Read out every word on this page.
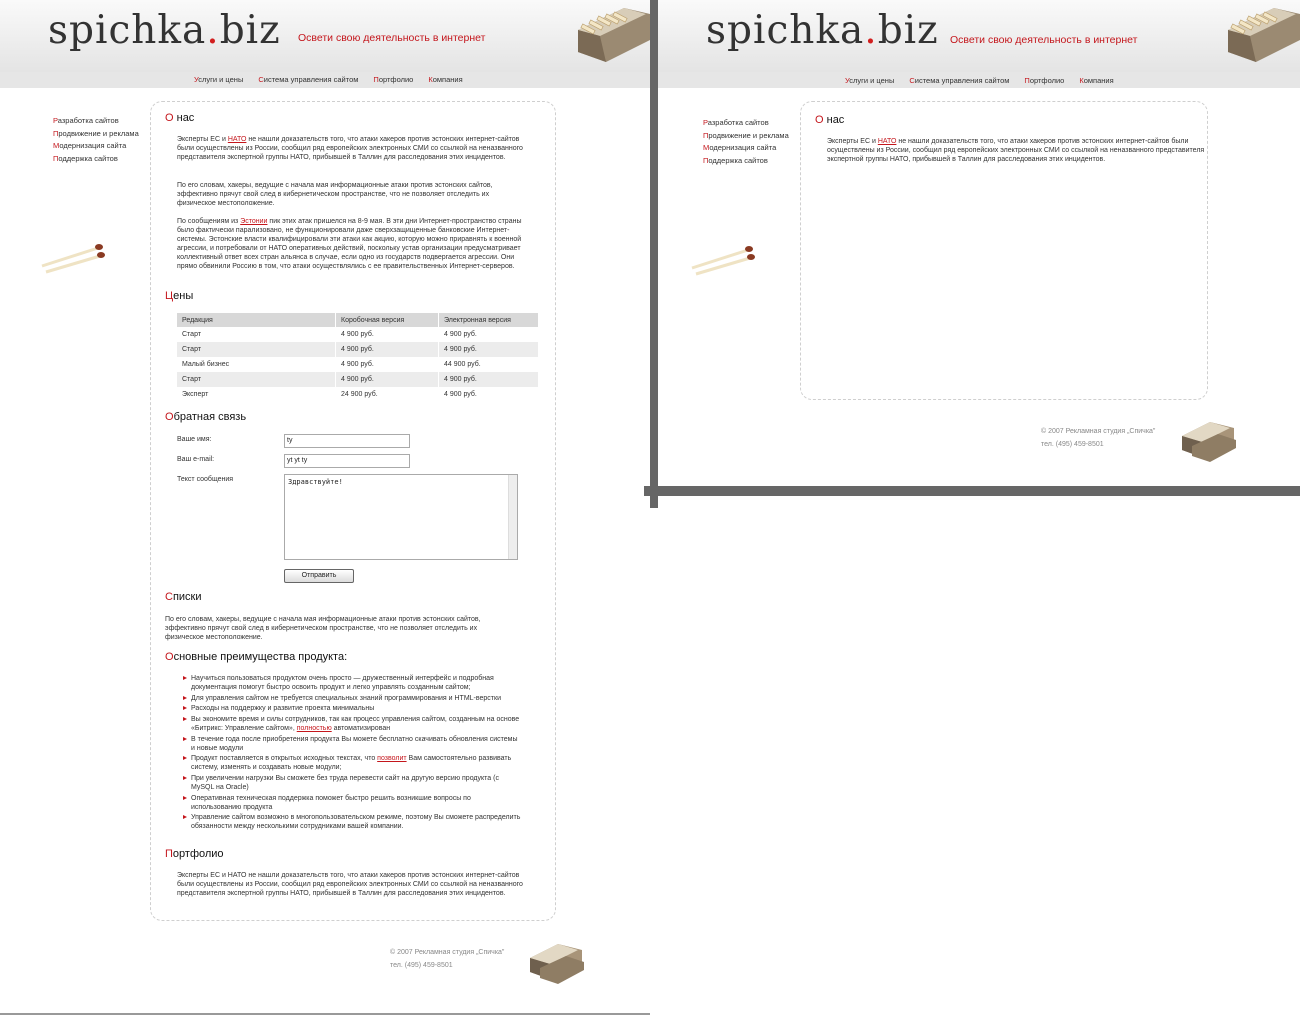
spichka.biz Освети свою деятельность в интернет
Услуги и цены Система управления сайтом Портфолио Компания
Разработка сайтов
Продвижение и реклама
Модернизация сайта
Поддержка сайтов
О нас
Эксперты ЕС и НАТО не нашли доказательств того, что атаки хакеров против эстонских интернет-сайтов были осуществлены из России, сообщил ряд европейских электронных СМИ со ссылкой на неназванного представителя экспертной группы НАТО, прибывшей в Таллин для расследования этих инцидентов.
По его словам, хакеры, ведущие с начала мая информационные атаки против эстонских сайтов, эффективно прячут свой след в кибернетическом пространстве, что не позволяет отследить их физическое местоположение.
По сообщениям из Эстонии пик этих атак пришелся на 8-9 мая. В эти дни Интернет-пространство страны было фактически парализовано, не функционировали даже сверхзащищенные банковские Интернет-системы. Эстонские власти квалифицировали эти атаки как акцию, которую можно приравнять к военной агрессии, и потребовали от НАТО оперативных действий, поскольку устав организации предусматривает коллективный ответ всех стран альянса в случае, если одно из государств подвергается агрессии. Они прямо обвинили Россию в том, что атаки осуществлялись с ее правительственных Интернет-серверов.
Цены
Редакция	Коробочная версия	Электронная версия
Старт	4 900 руб.	4 900 руб.
Старт	4 900 руб.	4 900 руб.
Малый бизнес	4 900 руб.	44 900 руб.
Старт	4 900 руб.	4 900 руб.
Эксперт	24 900 руб.	4 900 руб.
Обратная связь
Ваше имя:	ty
Ваш e-mail:	yt yt ty
Текст сообщения	Здравствуйте!
Отправить
Списки
По его словам, хакеры, ведущие с начала мая информационные атаки против эстонских сайтов, эффективно прячут свой след в кибернетическом пространстве, что не позволяет отследить их физическое местоположение.
Основные преимущества продукта:
Научиться пользоваться продуктом очень просто — дружественный интерфейс и подробная документация помогут быстро освоить продукт и легко управлять созданным сайтом;
Для управления сайтом не требуется специальных знаний программирования и HTML-верстки
Расходы на поддержку и развитие проекта минимальны
Вы экономите время и силы сотрудников, так как процесс управления сайтом, созданным на основе «Битрикс: Управление сайтом», полностью автоматизирован
В течение года после приобретения продукта Вы можете бесплатно скачивать обновления системы и новые модули
Продукт поставляется в открытых исходных текстах, что позволит Вам самостоятельно развивать систему, изменять и создавать новые модули;
При увеличении нагрузки Вы сможете без труда перевести сайт на другую версию продукта (с MySQL на Oracle)
Оперативная техническая поддержка поможет быстро решить возникшие вопросы по использованию продукта
Управление сайтом возможно в многопользовательском режиме, поэтому Вы сможете распределить обязанности между несколькими сотрудниками вашей компании.
Портфолио
Эксперты ЕС и НАТО не нашли доказательств того, что атаки хакеров против эстонских интернет-сайтов были осуществлены из России, сообщил ряд европейских электронных СМИ со ссылкой на неназванного представителя экспертной группы НАТО, прибывшей в Таллин для расследования этих инцидентов.
© 2007 Рекламная студия „Спичка"
тел. (495) 459-8501
spichka.biz Освети свою деятельность в интернет
Услуги и цены Система управления сайтом Портфолио Компания
Разработка сайтов
Продвижение и реклама
Модернизация сайта
Поддержка сайтов
О нас
Эксперты ЕС и НАТО не нашли доказательств того, что атаки хакеров против эстонских интернет-сайтов были осуществлены из России, сообщил ряд европейских электронных СМИ со ссылкой на неназванного представителя экспертной группы НАТО, прибывшей в Таллин для расследования этих инцидентов.
© 2007 Рекламная студия „Спичка"
тел. (495) 459-8501
